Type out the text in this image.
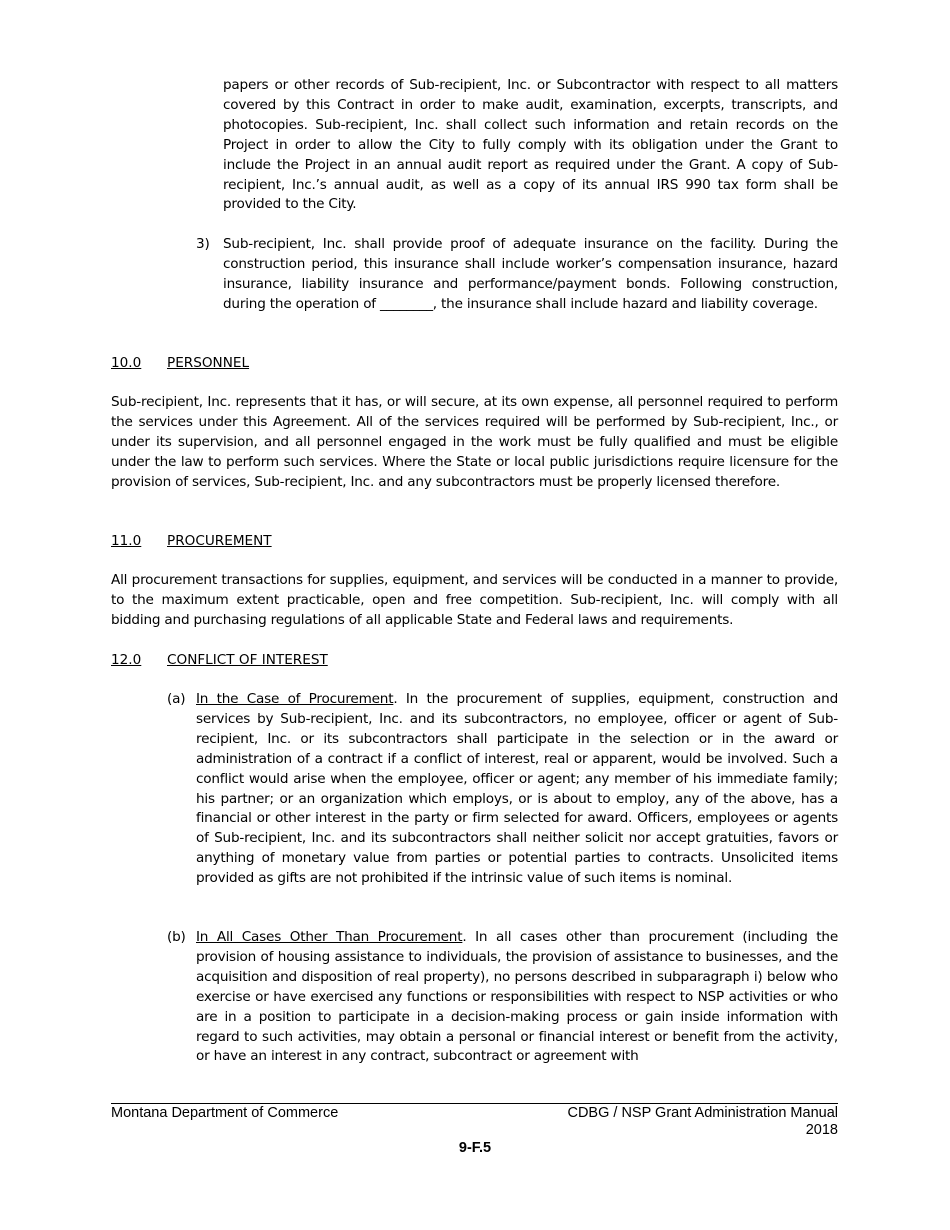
papers or other records of Sub-recipient, Inc. or Subcontractor with respect to all matters covered by this Contract in order to make audit, examination, excerpts, transcripts, and photocopies. Sub-recipient, Inc. shall collect such information and retain records on the Project in order to allow the City to fully comply with its obligation under the Grant to include the Project in an annual audit report as required under the Grant. A copy of Sub-recipient, Inc.’s annual audit, as well as a copy of its annual IRS 990 tax form shall be provided to the City.
3) Sub-recipient, Inc. shall provide proof of adequate insurance on the facility. During the construction period, this insurance shall include worker’s compensation insurance, hazard insurance, liability insurance and performance/payment bonds. Following construction, during the operation of ________, the insurance shall include hazard and liability coverage.
10.0 PERSONNEL
Sub-recipient, Inc. represents that it has, or will secure, at its own expense, all personnel required to perform the services under this Agreement. All of the services required will be performed by Sub-recipient, Inc., or under its supervision, and all personnel engaged in the work must be fully qualified and must be eligible under the law to perform such services. Where the State or local public jurisdictions require licensure for the provision of services, Sub-recipient, Inc. and any subcontractors must be properly licensed therefore.
11.0 PROCUREMENT
All procurement transactions for supplies, equipment, and services will be conducted in a manner to provide, to the maximum extent practicable, open and free competition. Sub-recipient, Inc. will comply with all bidding and purchasing regulations of all applicable State and Federal laws and requirements.
12.0 CONFLICT OF INTEREST
(a) In the Case of Procurement. In the procurement of supplies, equipment, construction and services by Sub-recipient, Inc. and its subcontractors, no employee, officer or agent of Sub-recipient, Inc. or its subcontractors shall participate in the selection or in the award or administration of a contract if a conflict of interest, real or apparent, would be involved. Such a conflict would arise when the employee, officer or agent; any member of his immediate family; his partner; or an organization which employs, or is about to employ, any of the above, has a financial or other interest in the party or firm selected for award. Officers, employees or agents of Sub-recipient, Inc. and its subcontractors shall neither solicit nor accept gratuities, favors or anything of monetary value from parties or potential parties to contracts. Unsolicited items provided as gifts are not prohibited if the intrinsic value of such items is nominal.
(b) In All Cases Other Than Procurement. In all cases other than procurement (including the provision of housing assistance to individuals, the provision of assistance to businesses, and the acquisition and disposition of real property), no persons described in subparagraph i) below who exercise or have exercised any functions or responsibilities with respect to NSP activities or who are in a position to participate in a decision-making process or gain inside information with regard to such activities, may obtain a personal or financial interest or benefit from the activity, or have an interest in any contract, subcontract or agreement with
Montana Department of Commerce	CDBG / NSP Grant Administration Manual
2018
9-F.5
